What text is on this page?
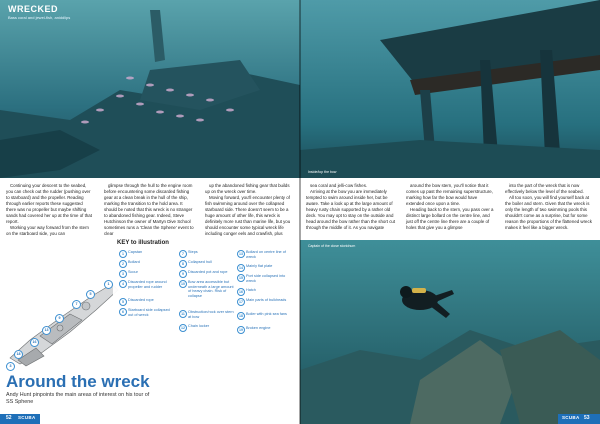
WRECKED
Bass coral and jewel-fish, aniddlips

Continuing your descent to the seabed, you can check out the rudder (pushing over to starboard) and the propeller. Reading through earlier reports these suggested there was no propeller but maybe shifting sands had covered her up at the time of that report.

Working your way forward from the stern on the starboard side, you can

glimpse through the hull to the engine room before encountering some discarded fishing gear at a clean break in the hull of the ship, marking the transition to the hold area. It should be noted that this wreck is no stranger to abandoned fishing gear. Indeed, Steve Hutchinson the owner of Martyn Dive School sometimes runs a 'Clean the Sphene' event to clear

up the abandoned fishing gear that builds up on the wreck over time.

Moving forward, you'll encounter plenty of fish swimming around over the collapsed starboard side. There doesn't seem to be a huge amount of other life, this wreck is definitely more rust than marine life, but you should encounter some typical wreck life including conger eels and crawfish, plus

1
5
7
9
13
16
18
3
KEY to illustration
1	Capstan
2	Bollard
3	Scour
4	Discarded rope around propeller and rudder
5	Discarded rope
6	Starboard side collapsed out of wreck
7	Steps
8	Collapsed hull
9	Discarded pot and rope
10 Bow area accessible but underneath a large amount of heavy chain. Risk of collapse
11 Obstruction/rock over stern at bow
12 Chain locker
13 Bollard on centre line of wreck
14 Mainly flat plate
15 Port side collapsed into wreck
16 Hatch
17 Main parts of bulkheads
18 Boiler with pink sea fans
19 Broken engine
Around the wreck
Andy Hunt pinpoints the main areas of interest on his tour of SS Sphene
52 SCUBA
Inside/top the bow

sea coral and jelli-cow fishes.

Arriving at the bow you are immediately tempted to swim around inside her, but be aware. Take a look up at the large amount of heavy rusty chain supported by a rather old deck. You may opt to stay on the outside and head around the bow rather than the short cut through the middle of it. As you navigate

around the bow stern, you'll notice that it comes up past the remaining superstructure, marking how far the bow would have extended once upon a time.

Heading back to the stern, you pass over a distinct large bollard on the centre line, and just off the centre line there are a couple of holes that give you a glimpse

into the part of the wreck that is now effectively below the level of the seabed.

All too soon, you will find yourself back at the boiler and stern. Given that the wreck is only the length of two swimming pools this shouldn't come as a surprise, but for some reason the proportions of the flattened wreck makes it feel like a bigger wreck.

Captain of the close storiohum
SCUBA 53
